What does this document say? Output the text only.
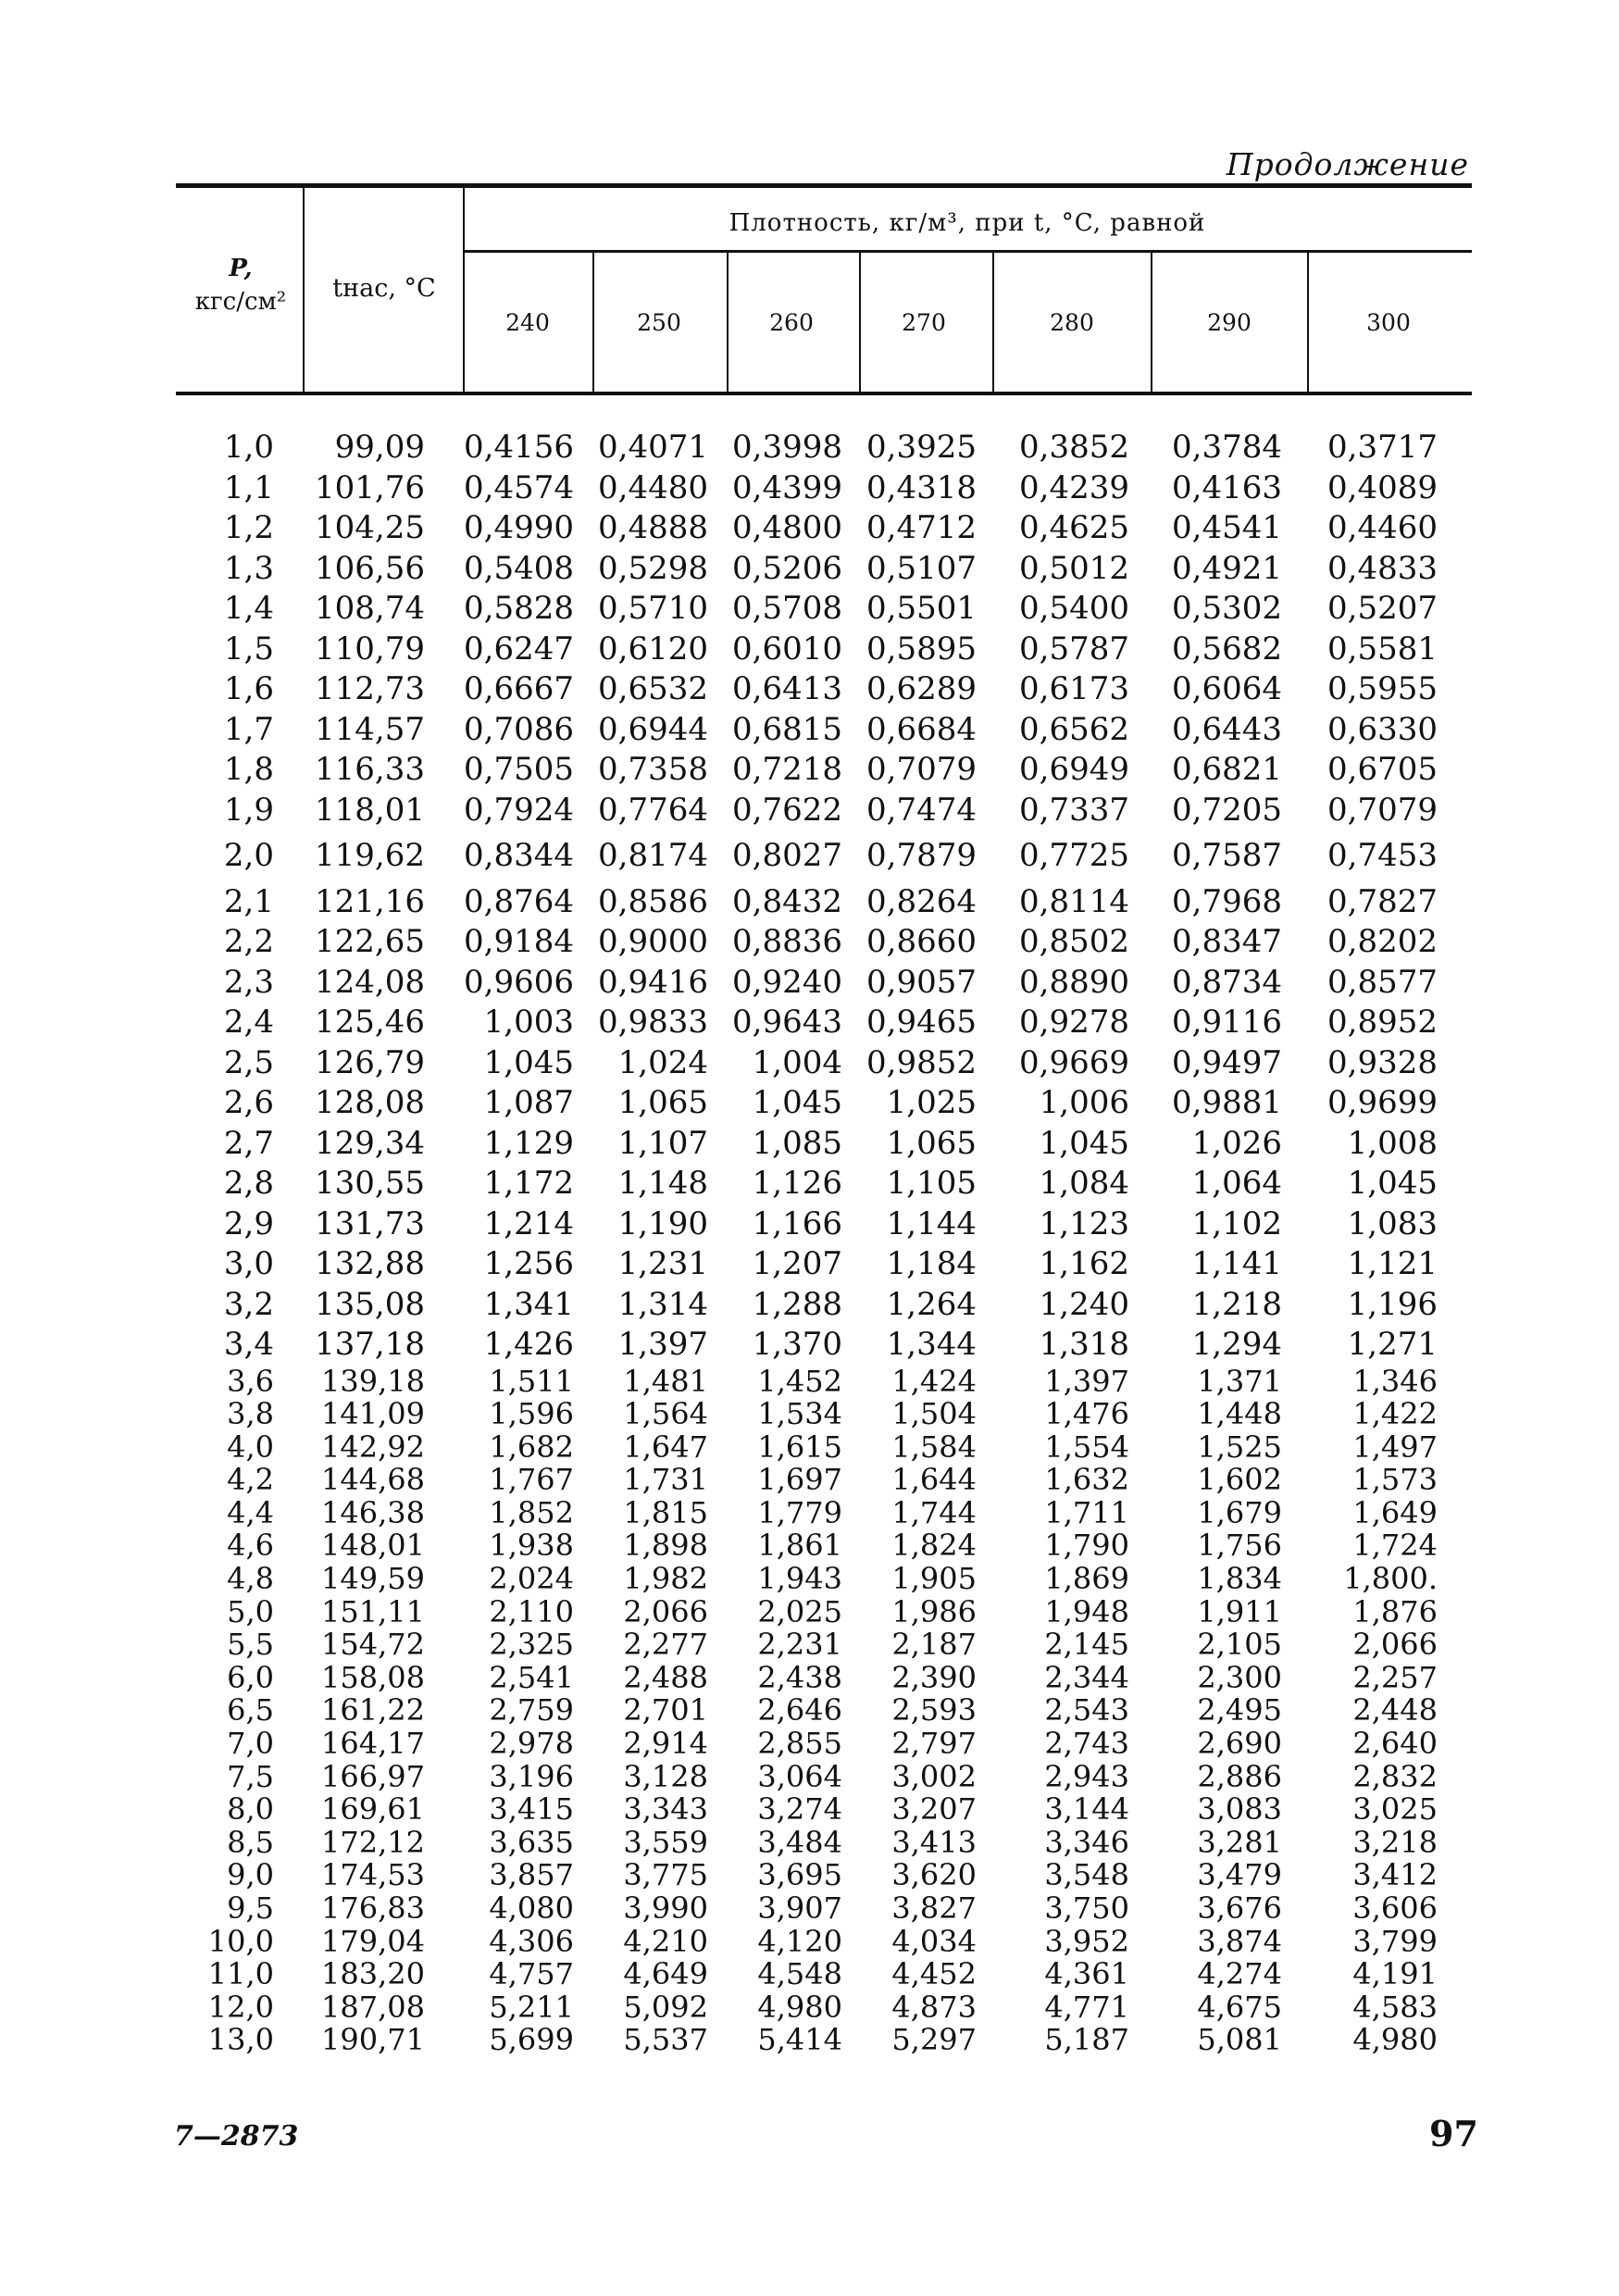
Продолжение
P,
кгс/см²	tнас, °C
Плотность, кг/м³, при t, °C, равной
240	250	260	270	280	290	300
1,0 99,09 0,4156 0,4071 0,3998 0,3925 0,3852 0,3784 0,3717
1,1 101,76 0,4574 0,4480 0,4399 0,4318 0,4239 0,4163 0,4089
1,2 104,25 0,4990 0,4888 0,4800 0,4712 0,4625 0,4541 0,4460
1,3 106,56 0,5408 0,5298 0,5206 0,5107 0,5012 0,4921 0,4833
1,4 108,74 0,5828 0,5710 0,5708 0,5501 0,5400 0,5302 0,5207
1,5 110,79 0,6247 0,6120 0,6010 0,5895 0,5787 0,5682 0,5581
1,6 112,73 0,6667 0,6532 0,6413 0,6289 0,6173 0,6064 0,5955
1,7 114,57 0,7086 0,6944 0,6815 0,6684 0,6562 0,6443 0,6330
1,8 116,33 0,7505 0,7358 0,7218 0,7079 0,6949 0,6821 0,6705
1,9 118,01 0,7924 0,7764 0,7622 0,7474 0,7337 0,7205 0,7079
2,0 119,62 0,8344 0,8174 0,8027 0,7879 0,7725 0,7587 0,7453
2,1 121,16 0,8764 0,8586 0,8432 0,8264 0,8114 0,7968 0,7827
2,2 122,65 0,9184 0,9000 0,8836 0,8660 0,8502 0,8347 0,8202
2,3 124,08 0,9606 0,9416 0,9240 0,9057 0,8890 0,8734 0,8577
2,4 125,46 1,003 0,9833 0,9643 0,9465 0,9278 0,9116 0,8952
2,5 126,79 1,045 1,024 1,004 0,9852 0,9669 0,9497 0,9328
2,6 128,08 1,087 1,065 1,045 1,025 1,006 0,9881 0,9699
2,7 129,34 1,129 1,107 1,085 1,065 1,045 1,026 1,008
2,8 130,55 1,172 1,148 1,126 1,105 1,084 1,064 1,045
2,9 131,73 1,214 1,190 1,166 1,144 1,123 1,102 1,083
3,0 132,88 1,256 1,231 1,207 1,184 1,162 1,141 1,121
3,2 135,08 1,341 1,314 1,288 1,264 1,240 1,218 1,196
3,4 137,18 1,426 1,397 1,370 1,344 1,318 1,294 1,271
3,6 139,18 1,511 1,481 1,452 1,424 1,397 1,371 1,346
3,8 141,09 1,596 1,564 1,534 1,504 1,476 1,448 1,422
4,0 142,92 1,682 1,647 1,615 1,584 1,554 1,525 1,497
4,2 144,68 1,767 1,731 1,697 1,644 1,632 1,602 1,573
4,4 146,38 1,852 1,815 1,779 1,744 1,711 1,679 1,649
4,6 148,01 1,938 1,898 1,861 1,824 1,790 1,756 1,724
4,8 149,59 2,024 1,982 1,943 1,905 1,869 1,834 1,800.
5,0 151,11 2,110 2,066 2,025 1,986 1,948 1,911 1,876
5,5 154,72 2,325 2,277 2,231 2,187 2,145 2,105 2,066
6,0 158,08 2,541 2,488 2,438 2,390 2,344 2,300 2,257
6,5 161,22 2,759 2,701 2,646 2,593 2,543 2,495 2,448
7,0 164,17 2,978 2,914 2,855 2,797 2,743 2,690 2,640
7,5 166,97 3,196 3,128 3,064 3,002 2,943 2,886 2,832
8,0 169,61 3,415 3,343 3,274 3,207 3,144 3,083 3,025
8,5 172,12 3,635 3,559 3,484 3,413 3,346 3,281 3,218
9,0 174,53 3,857 3,775 3,695 3,620 3,548 3,479 3,412
9,5 176,83 4,080 3,990 3,907 3,827 3,750 3,676 3,606
10,0 179,04 4,306 4,210 4,120 4,034 3,952 3,874 3,799
11,0 183,20 4,757 4,649 4,548 4,452 4,361 4,274 4,191
12,0 187,08 5,211 5,092 4,980 4,873 4,771 4,675 4,583
13,0 190,71 5,699 5,537 5,414 5,297 5,187 5,081 4,980
7—2873	97
